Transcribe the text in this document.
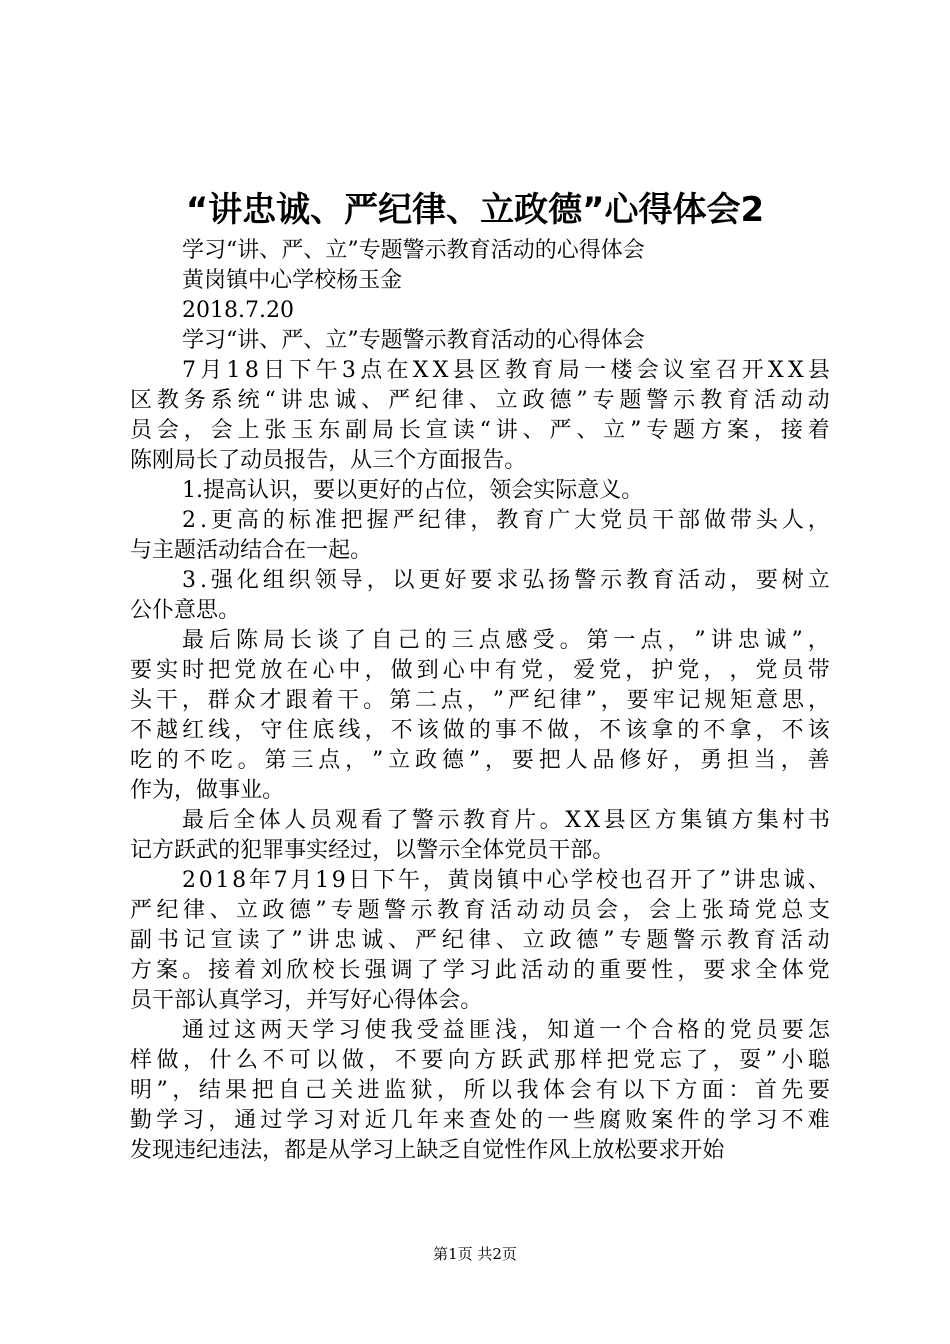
“讲忠诚、严纪律、立政德”心得体会2
学 习 “ 讲 、 严 、 立 ” 专 题 警 示 教 育 活 动 的 心 得 体 会
黄 岗 镇 中 心 学 校 杨 玉 金
2 0 1 8 . 7 . 2 0
学 习 “ 讲 、 严 、 立 ” 专 题 警 示 教 育 活 动 的 心 得 体 会
7 月 1 8 日 下 午 3 点 在 X X 县 区 教 育 局 一 楼 会 议 室 召 开 X X 县
区 教 务 系 统 “ 讲 忠 诚 、 严 纪 律 、 立 政 德 ” 专 题 警 示 教 育 活 动 动
员 会 ， 会 上 张 玉 东 副 局 长 宣 读 “ 讲 、 严 、 立 ” 专 题 方 案 ， 接 着
陈 刚 局 长 了 动 员 报 告 ， 从 三 个 方 面 报 告 。
1 . 提 高 认 识 ， 要 以 更 好 的 占 位 ， 领 会 实 际 意 义 。
2 . 更 高 的 标 准 把 握 严 纪 律 ， 教 育 广 大 党 员 干 部 做 带 头 人 ，
与 主 题 活 动 结 合 在 一 起 。
3 . 强 化 组 织 领 导 ， 以 更 好 要 求 弘 扬 警 示 教 育 活 动 ， 要 树 立
公 仆 意 思 。
最 后 陈 局 长 谈 了 自 己 的 三 点 感 受 。 第 一 点 ， ” 讲 忠 诚 ” ，
要 实 时 把 党 放 在 心 中 ， 做 到 心 中 有 党 ， 爱 党 ， 护 党 ， ， 党 员 带
头 干 ， 群 众 才 跟 着 干 。 第 二 点 ， ” 严 纪 律 ” ， 要 牢 记 规 矩 意 思 ，
不 越 红 线 ， 守 住 底 线 ， 不 该 做 的 事 不 做 ， 不 该 拿 的 不 拿 ， 不 该
吃 的 不 吃 。 第 三 点 ， ” 立 政 德 ” ， 要 把 人 品 修 好 ， 勇 担 当 ， 善
作 为 ， 做 事 业 。
最 后 全 体 人 员 观 看 了 警 示 教 育 片 。 X X 县 区 方 集 镇 方 集 村 书
记 方 跃 武 的 犯 罪 事 实 经 过 ， 以 警 示 全 体 党 员 干 部 。
2 0 1 8 年 7 月 1 9 日 下 午 ， 黄 岗 镇 中 心 学 校 也 召 开 了 ” 讲 忠 诚 、
严 纪 律 、 立 政 德 ” 专 题 警 示 教 育 活 动 动 员 会 ， 会 上 张 琦 党 总 支
副 书 记 宣 读 了 ” 讲 忠 诚 、 严 纪 律 、 立 政 德 ” 专 题 警 示 教 育 活 动
方 案 。 接 着 刘 欣 校 长 强 调 了 学 习 此 活 动 的 重 要 性 ， 要 求 全 体 党
员 干 部 认 真 学 习 ， 并 写 好 心 得 体 会 。
通 过 这 两 天 学 习 使 我 受 益 匪 浅 ， 知 道 一 个 合 格 的 党 员 要 怎
样 做 ， 什 么 不 可 以 做 ， 不 要 向 方 跃 武 那 样 把 党 忘 了 ， 耍 ” 小 聪
明 ” ， 结 果 把 自 己 关 进 监 狱 ， 所 以 我 体 会 有 以 下 方 面 ： 首 先 要
勤 学 习 ， 通 过 学 习 对 近 几 年 来 查 处 的 一 些 腐 败 案 件 的 学 习 不 难
发 现 违 纪 违 法 ， 都 是 从 学 习 上 缺 乏 自 觉 性 作 风 上 放 松 要 求 开 始
第1页 共2页
